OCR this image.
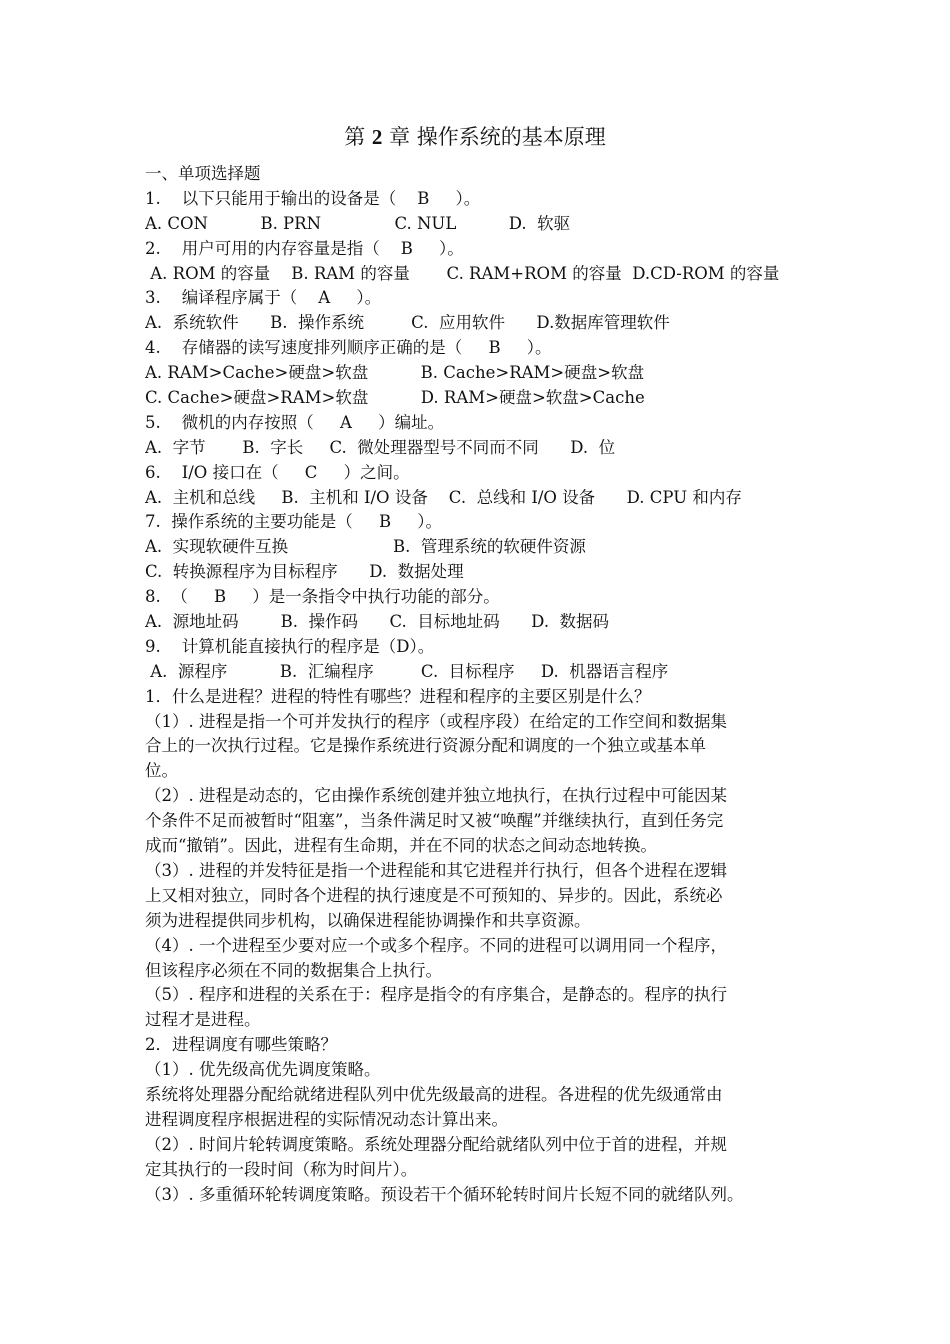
第 2 章 操作系统的基本原理
一、单项选择题
1.    以下只能用于输出的设备是（    B     ）。
A. CON          B. PRN              C. NUL          D.  软驱
2.    用户可用的内存容量是指（    B     ）。
A. ROM 的容量    B. RAM 的容量       C. RAM+ROM 的容量  D.CD-ROM 的容量
3.    编译程序属于（    A     ）。
A.  系统软件      B.  操作系统         C.  应用软件      D.数据库管理软件
4.    存储器的读写速度排列顺序正确的是（     B     ）。
A. RAM>Cache>硬盘>软盘          B. Cache>RAM>硬盘>软盘
C. Cache>硬盘>RAM>软盘          D. RAM>硬盘>软盘>Cache
5.    微机的内存按照（     A     ）编址。
A.  字节       B.  字长     C.  微处理器型号不同而不同      D.  位
6.    I/O 接口在（     C     ）之间。
A.  主机和总线     B.  主机和 I/O 设备    C.  总线和 I/O 设备      D. CPU 和内存
7.  操作系统的主要功能是（     B     ）。
A.  实现软硬件互换                    B.  管理系统的软硬件资源
C.  转换源程序为目标程序      D.  数据处理
8.  （     B     ）是一条指令中执行功能的部分。
A.  源地址码        B.  操作码      C.  目标地址码      D.  数据码
9.    计算机能直接执行的程序是（D）。
A.  源程序          B.  汇编程序         C.  目标程序     D.  机器语言程序
1．什么是进程？进程的特性有哪些？进程和程序的主要区别是什么？
（1）. 进程是指一个可并发执行的程序（或程序段）在给定的工作空间和数据集
合上的一次执行过程。它是操作系统进行资源分配和调度的一个独立或基本单
位。
（2）. 进程是动态的，它由操作系统创建并独立地执行，在执行过程中可能因某
个条件不足而被暂时“阻塞”，当条件满足时又被“唤醒”并继续执行，直到任务完
成而“撤销”。因此，进程有生命期，并在不同的状态之间动态地转换。
（3）. 进程的并发特征是指一个进程能和其它进程并行执行，但各个进程在逻辑
上又相对独立，同时各个进程的执行速度是不可预知的、异步的。因此，系统必
须为进程提供同步机构，以确保进程能协调操作和共享资源。
（4）. 一个进程至少要对应一个或多个程序。不同的进程可以调用同一个程序，
但该程序必须在不同的数据集合上执行。
（5）. 程序和进程的关系在于：程序是指令的有序集合，是静态的。程序的执行
过程才是进程。
2．进程调度有哪些策略？
（1）. 优先级高优先调度策略。
系统将处理器分配给就绪进程队列中优先级最高的进程。各进程的优先级通常由
进程调度程序根据进程的实际情况动态计算出来。
（2）. 时间片轮转调度策略。系统处理器分配给就绪队列中位于首的进程，并规
定其执行的一段时间（称为时间片）。
（3）. 多重循环轮转调度策略。预设若干个循环轮转时间片长短不同的就绪队列。
